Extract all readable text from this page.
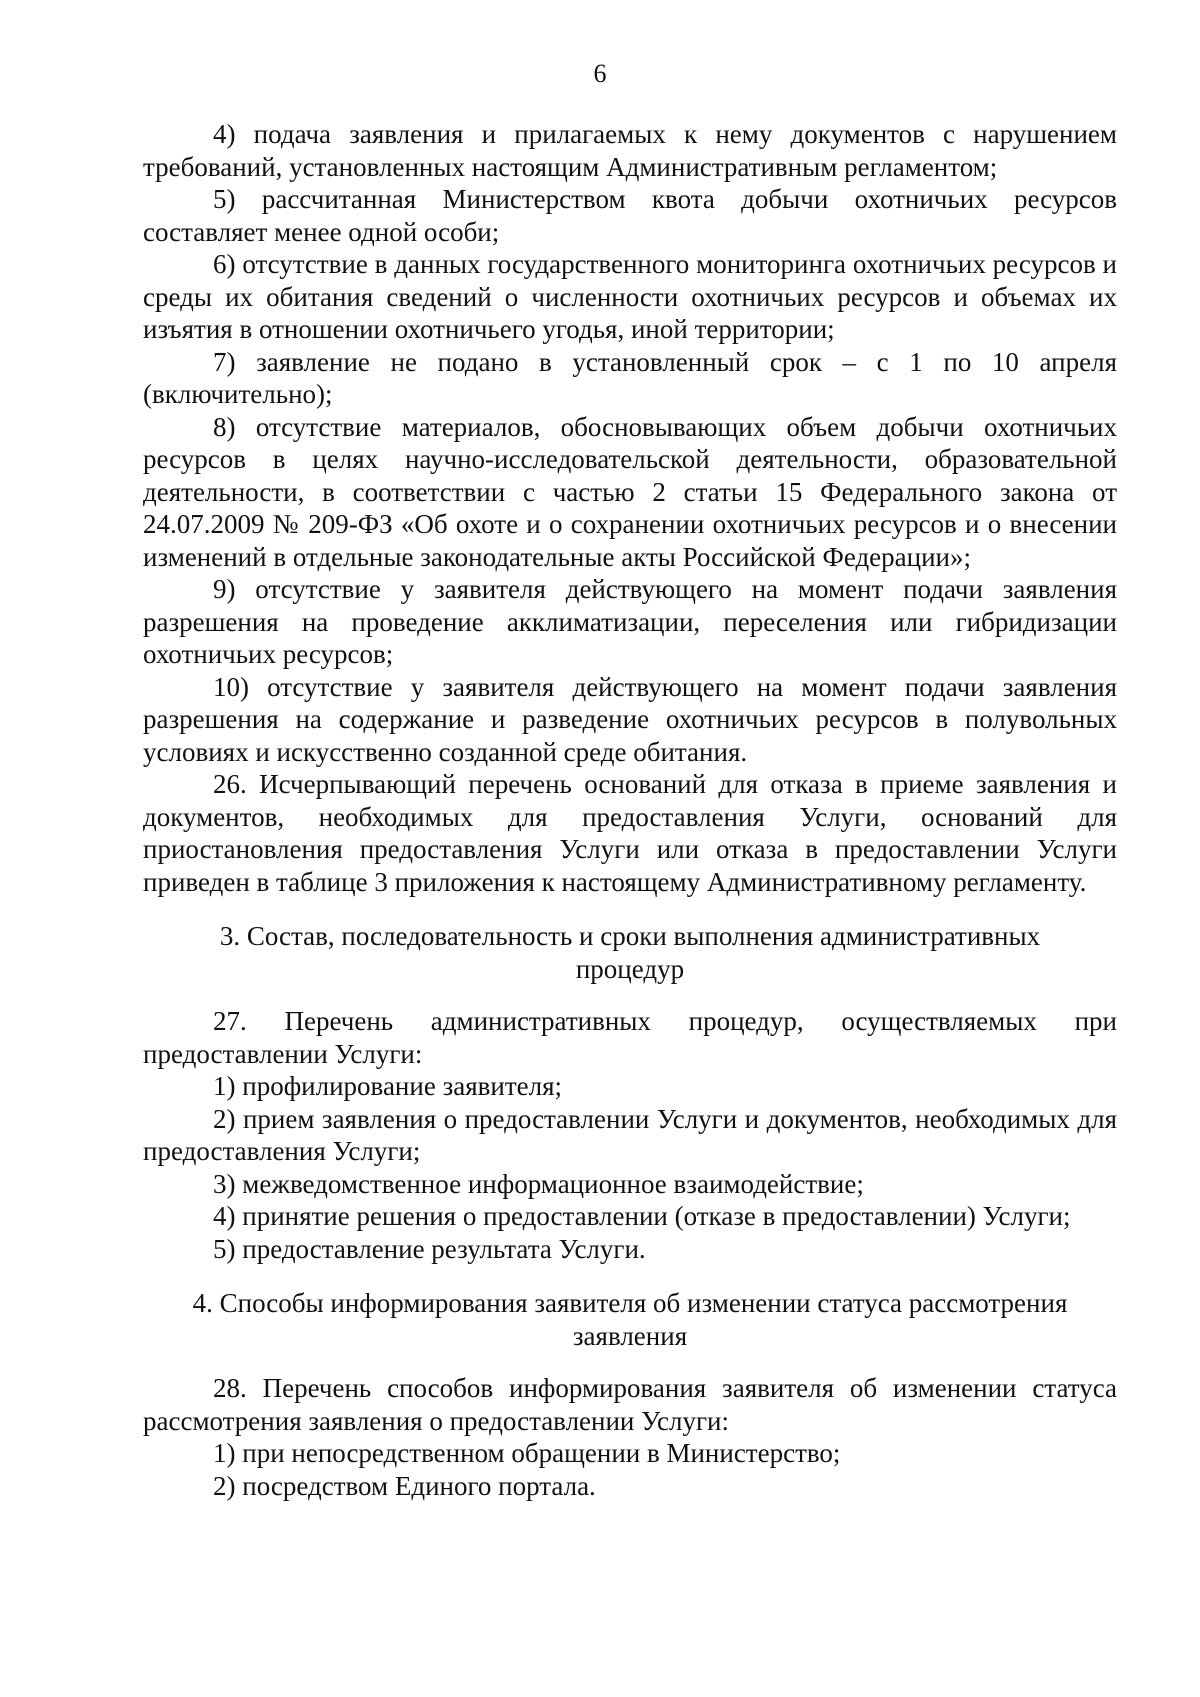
6

4) подача заявления и прилагаемых к нему документов с нарушением требований, установленных настоящим Административным регламентом;

5) рассчитанная Министерством квота добычи охотничьих ресурсов составляет менее одной особи;

6) отсутствие в данных государственного мониторинга охотничьих ресурсов и среды их обитания сведений о численности охотничьих ресурсов и объемах их изъятия в отношении охотничьего угодья, иной территории;

7) заявление не подано в установленный срок – с 1 по 10 апреля (включительно);

8) отсутствие материалов, обосновывающих объем добычи охотничьих ресурсов в целях научно-исследовательской деятельности, образовательной деятельности, в соответствии с частью 2 статьи 15 Федерального закона от 24.07.2009 № 209-ФЗ «Об охоте и о сохранении охотничьих ресурсов и о внесении изменений в отдельные законодательные акты Российской Федерации»;

9) отсутствие у заявителя действующего на момент подачи заявления разрешения на проведение акклиматизации, переселения или гибридизации охотничьих ресурсов;

10) отсутствие у заявителя действующего на момент подачи заявления разрешения на содержание и разведение охотничьих ресурсов в полувольных условиях и искусственно созданной среде обитания.

26. Исчерпывающий перечень оснований для отказа в приеме заявления и документов, необходимых для предоставления Услуги, оснований для приостановления предоставления Услуги или отказа в предоставлении Услуги приведен в таблице 3 приложения к настоящему Административному регламенту.

3. Состав, последовательность и сроки выполнения административных процедур

27. Перечень административных процедур, осуществляемых при предоставлении Услуги:

1) профилирование заявителя;

2) прием заявления о предоставлении Услуги и документов, необходимых для предоставления Услуги;

3) межведомственное информационное взаимодействие;

4) принятие решения о предоставлении (отказе в предоставлении) Услуги;

5) предоставление результата Услуги.

4. Способы информирования заявителя об изменении статуса рассмотрения заявления

28. Перечень способов информирования заявителя об изменении статуса рассмотрения заявления о предоставлении Услуги:

1) при непосредственном обращении в Министерство;

2) посредством Единого портала.
